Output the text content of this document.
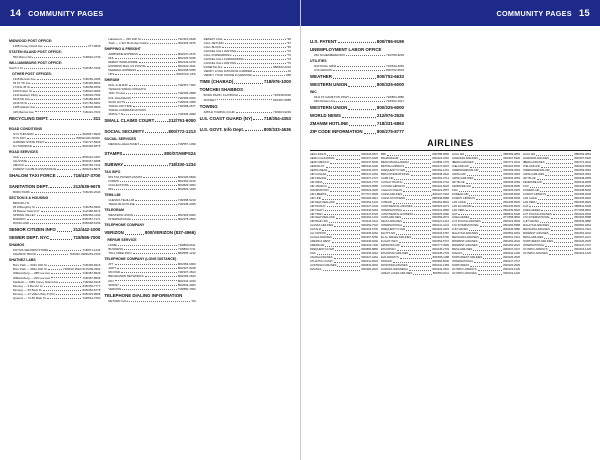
14 COMMUNITY PAGES
MIDWOOD POST OFFICE:
1288 Coney Island Ave	377-3839
STATEN ISLAND POST OFFICE:
550 Manor Rd	718/816-2739
WILLIAMSBURG POST OFFICE:
South 4 St	718/387-7605
OTHER POST OFFICES:
1945 Bensen Ave	718/256-4285
55 67 7th Ave	718/435-8662
1730 E 45 St	718/258-6559
1060 Fulton St	718/622-0083
1334 Eastern Pkwy	718/629-7593
6225 6th Ave	718/469-8225
2249 65 St	347/782-5952
1285 Atlantic Ave	718/625-9909
415 Marcus Ave	718/421-7623
RECYCLING DEPT.	311
ROAD CONDITIONS
NYS THRUWAY	800/847-8929
NYS DOT	800/HOAD-WORK
GARDEN STATE PKWY	732/727-5929
NJ TURNPIKE	800/336-5875
ROAD SERVICES
AAA	800/222-4357
ALLSTATE	800/347-6688
AMOCO	800/782-7442
FOREST GLOBUS ASSISTANCE	800/231-8074
SHALOM TAXI FORCE	718/437-3700
SANITATION DEPT.	212/639-9675
BORO PARK	718/236-2040
SECTION 8 & HOUSING
BROOKLYN:
65 Willoughby St	718/250-5900
25 Beaver Street NY	212/480-6672
SPRING VALLEY	845/352-1100
RAMAPO	845/357-7171
ROCKLAND	845/638-5159
SENIOR CITIZEN INFO	212/442-1000
SEWER DEPT. NYC	718/595-7000
SHAMOS
PHYSIS SEFORIM STORE	718/871-1244
SHAMOS TRUCK	718/252-3383/253-3700
SHATNEZ LABS
Boro Park — 5324 16th St	718/435-6915
Boro Park — 5824 16th St	718/633-1522/ 917/209-3393
Williamsburg — 288 Lee Ave	718/387-8529
Williamsburg — 206 Lee Ave	718/387-8509
Flatbush — 1986 Coney Island Ave	718/364-8118
Monsey — 9 Bet Zvi Ln	845/356-7777
Monsey — 55 Bock Dr	845/352-8778
Monsey — 27 Vallen Way P (PC)	845/323-9568
Queens — 72-50 Main St	718/544-7200
Lakewood — 335 10th St	732/415-0628
Toah — 1 327 Bl Arubei Outline	450/433-3675
SHIPPING & FREIGHT
AIRBORNE EXPRESS	800/247-2676
DHL	800/225-5345
EMERY WORLDWIDE	800/443-6379
EXPRESS MAIL US POSTAL	800/222-1811
FEDERAL EXPRESS	800/238-5355
UPS	800/PICK-UPS
SHIRUIM
DIAL-A-SHIUR	718/467-7000
YESHIVA TORAH VODAATH
1541 7th Ave	718/436-2858
KOL HALASHON	718/395-6400
SHAS HOTS	718/633-2095
TORAH ANYTIME	718/298-2577
TORAH COMMUNICATIONS
1635 E 7 St	718/436-4999
SMALL CLAIMS COURT	212/791-6000
SOCIAL SECURITY	800/772-1213
SOCIAL SERVICES
MEDICAL-HEALTHNET	718/557-1399
STAMPS	800/STAMPS24
SUBWAY	718/330-1234
TAX INFO
IRS TAX PAYERS ASSIST	800/225-5829
FORMS	800/462-0100
COLLECTIONS	800/829-3903
IRS	800/829-1040
TEHILLIM
CHEVRA TEHILLIM	718/258-5219
TEHILLIM HOTLINE	718/438-2455
TELEGRAM
WESTERN UNION	800/325-6000
INTERNATIONAL	800/478-2600
TELEPHONE COMPANY
VERIZON	800/VERIZON (837-4966)
REPAIR SERVICE
HOME	718/890-6611
BUSINESS	718/890-7711
TOLL FREE INFO	800/555-1212
TELEPHONE COMPANY (LONG DISTANCE)
ATT	800/456-6000
ADPT	800/327-8228
MCI PAD	718/337-4624
BROADVIEW NETWORKS	800/283-2623
MCI	800/444-3333
SPRINT	800/849-4903
VERIZON	718/890-7000
TELEPHONE DIALING INFORMATION
RETURN CALL	*69
REPEAT CALL	*66
CALL RETURN	*67
CALL BLOCK	*60
CANCEL CALL WAITING	*70
CALL FORWARDING	*72
CANCEL CALL FORWARDING	*73
CANCEL CALL WAITING	*70
DOMETIC ALL	888/462-2222
VERIFY LONG DISTANCE CARRIER	00
VERIFY YOUR PHONE # (VERIZON)	958
TIME (CHABAD)	718/976-1000
TOMCHEI SHABBOS
BORO PARK / FLATBUSH	718/438-5036
MONSEY	845/357-5885
TOWING
APPLE TOWING 24 HR	718/464-9293
U.S. COAST GUARD (NY)	718/354-4353
U.S. GOVT. Info Dept.	800/333-4636
COMMUNITY PAGES 15
U.S. PATENT	800/786-9199
UNEMPLOYMENT LABOR OFFICE
250 SCHERMERHORN	718/780-9209
UTILITIES
NATIONAL GRID	718/643-4050
CON EDISON	800/752-6633
WEATHER	800/752-6633
WESTERN UNION	800/325-6000
WIC
5411 FT HAMILTON PKWY	718/854-2880
946 Division Ave	718/302-1917
WESTERN UNION	800/325-6000
WORLD NEWS	212/976-2525
ZMANIM HOTLINE	718/331-6863
ZIP CODE INFORMATION	800/275-8777
AIRLINES
AER LINGUS	800/223-6537
AERO CALIFORNIA	800/237-6225
AERO MEXICO	800/237-6639
AEROFLOT	888/340-6400
AEROLINEAS	800/333-0276
AIR CANADA	888/247-2262
AIR FRANCE	800/237-2747
AIR INDIA	800/223-7776
AIR JAMAICA	800/523-5585
INFORMATION	800/622-3009
AIR LIBERTE	877/727-9595
AIR LINK	800/400-0912
AIR NEW ZEALAND	800/262-1234
AIR PACIFIC	800/227-4446
AIR TAHITI	800/346-6262
AIR TRAN	800/247-8726
AIR NEW ZEALAND	800/262-1234
AIRTRAIN JFK	718/244-4444
ALASKA AIRLINES	800/252-7522
ALITALIA	800/223-5730
ALL NIPPON	800/235-9262
ALOHA AIRLINES	800/367-5250
AMERICA WEST	800/235-9292
AMERICAN	800/433-7300
FREQUENT FLYER	800/882-8880
ANA	800/235-9262
ASIANA AIRLINES	800/227-4262
ATLANTIC COAST	800/241-6522
AUSTRIAN AIRLINES	800/843-0002
AVIANCA	800/284-2622
BMI	800/788-0555
BAHAMASAIR	800/222-4262
BIMAN BANGLADESH	212/808-4770
BRITISH AIRWAYS	800/247-9297
FREQUENT FLYER	800/452-1201
BWIA INTERNATIONAL	800/538-2942
CAPE AIR	800/352-0714
CATHAY PACIFIC	800/233-2742
CAYMAN AIRWAYS	800/422-9626
CHALKS OCEAN	800/424-2557
CHINA AIRLINES	800/227-5118
CHINA SOUTHERN	888/338-8988
COMAIR	800/354-9822
CONTINENTAL AIRLINES	800/523-3273
INTERNATIONAL	800/231-0856
CONTINENTAL EXPRESS	800/525-0280
COPA AIRLINES	800/359-2672
DELTA AIRLINES	800/221-1212
INTERNATIONAL	800/241-4141
FREQUENT FLYER	800/323-2323
EGYPT AIR	800/334-6787
EL AL ISRAEL AIRLINES	800/223-6700
FLIGHT INFO	800/352-5747
EMIRATES AIR	800/777-3999
ETHIOPIAN	800/445-2733
ETHIOPIAN AIRLINES	800/445-2733
EVA AIRWAYS	800/695-1188
FINNAIR	800/950-5000
FRONTIER AIRLINES	800/432-1359
GARUDA INDONESIA	800/342-7832
GREAT LAKES AIRLINES	800/554-5111
GULF AIR	888/359-4853
HAWAIIAN AIRLINES	800/367-5320
IBERIA AIRLINES	800/772-4642
ICELAND AIR	800/223-5500
INDEPENDENCE AIR	800/359-3594
JAPAN AIR	800/525-3663
JAPAN AIRLINES	800/525-3663
JET BLUE	800/538-2583
KENMORE AIR	800/543-9595
KLM	800/225-2525
KOREAN AIR	800/438-5000
KUWAIT AIRWAYS	800/458-9248
LAN CHILE	866/435-9526
LAN ECUADOR	866/435-9526
LAN PERU	866/435-9526
LIAT	888/844-5428
LINEA AEREA	877/458-9802
LOT POLISH AIRLINES	800/223-0593
LTU INTERNATIONAL	866/266-5588
LUFTHANSA	800/645-3880
MALAYSIA AIRLINES	800/552-9264
MEXICANA AIRLINES	800/531-7921
MIDWEST AIRLINES	800/452-2022
MIDWEST AIRLINES	800/452-2022
MESA AIRLINES	800/637-2247
NAVAJO	800/642-4100
NORTHWEST AIRLINES	800/225-2525
INTERNATIONAL	800/447-4747
NORTHWEST	800/225-2525
OLYMPIC AIRWAYS	800/223-1226
OLYMPIC AIRLINES	800/223-1226
GULF AIR	888/359-4853
HAWAIIAN AIRLINES	800/367-5320
IBERIA AIRLINES	800/772-4642
ICELAND AIR	800/223-5500
INDEPENDENCE AIR	800/359-3594
JAPAN AIRLINES	800/525-3663
JET BLUE	800/538-2583
KENMORE AIR	800/543-9595
KLM	800/225-2525
KOREAN AIR	800/438-5000
KUWAIT AIRWAYS	800/458-9248
LAN CHILE	866/435-9526
LAN PERU	866/435-9526
LIAT	888/844-5428
LINEA AEREA	877/458-9802
LOT POLISH AIRLINES	800/223-0593
LTU INTERNATIONAL	866/266-5588
LUFTHANSA	800/645-3880
MALAYSIA AIRLINES	800/552-9264
MEXICANA AIRLINES	800/531-7921
MIDWEST AIRLINES	800/452-2022
MESA AIRLINES	800/637-2247
NORTHWEST AIRLINES	800/225-2525
INTERNATIONAL	800/447-4747
OLYMPIC AIRWAYS	800/223-1226
OLYMPIC AIRLINES	800/223-1226
